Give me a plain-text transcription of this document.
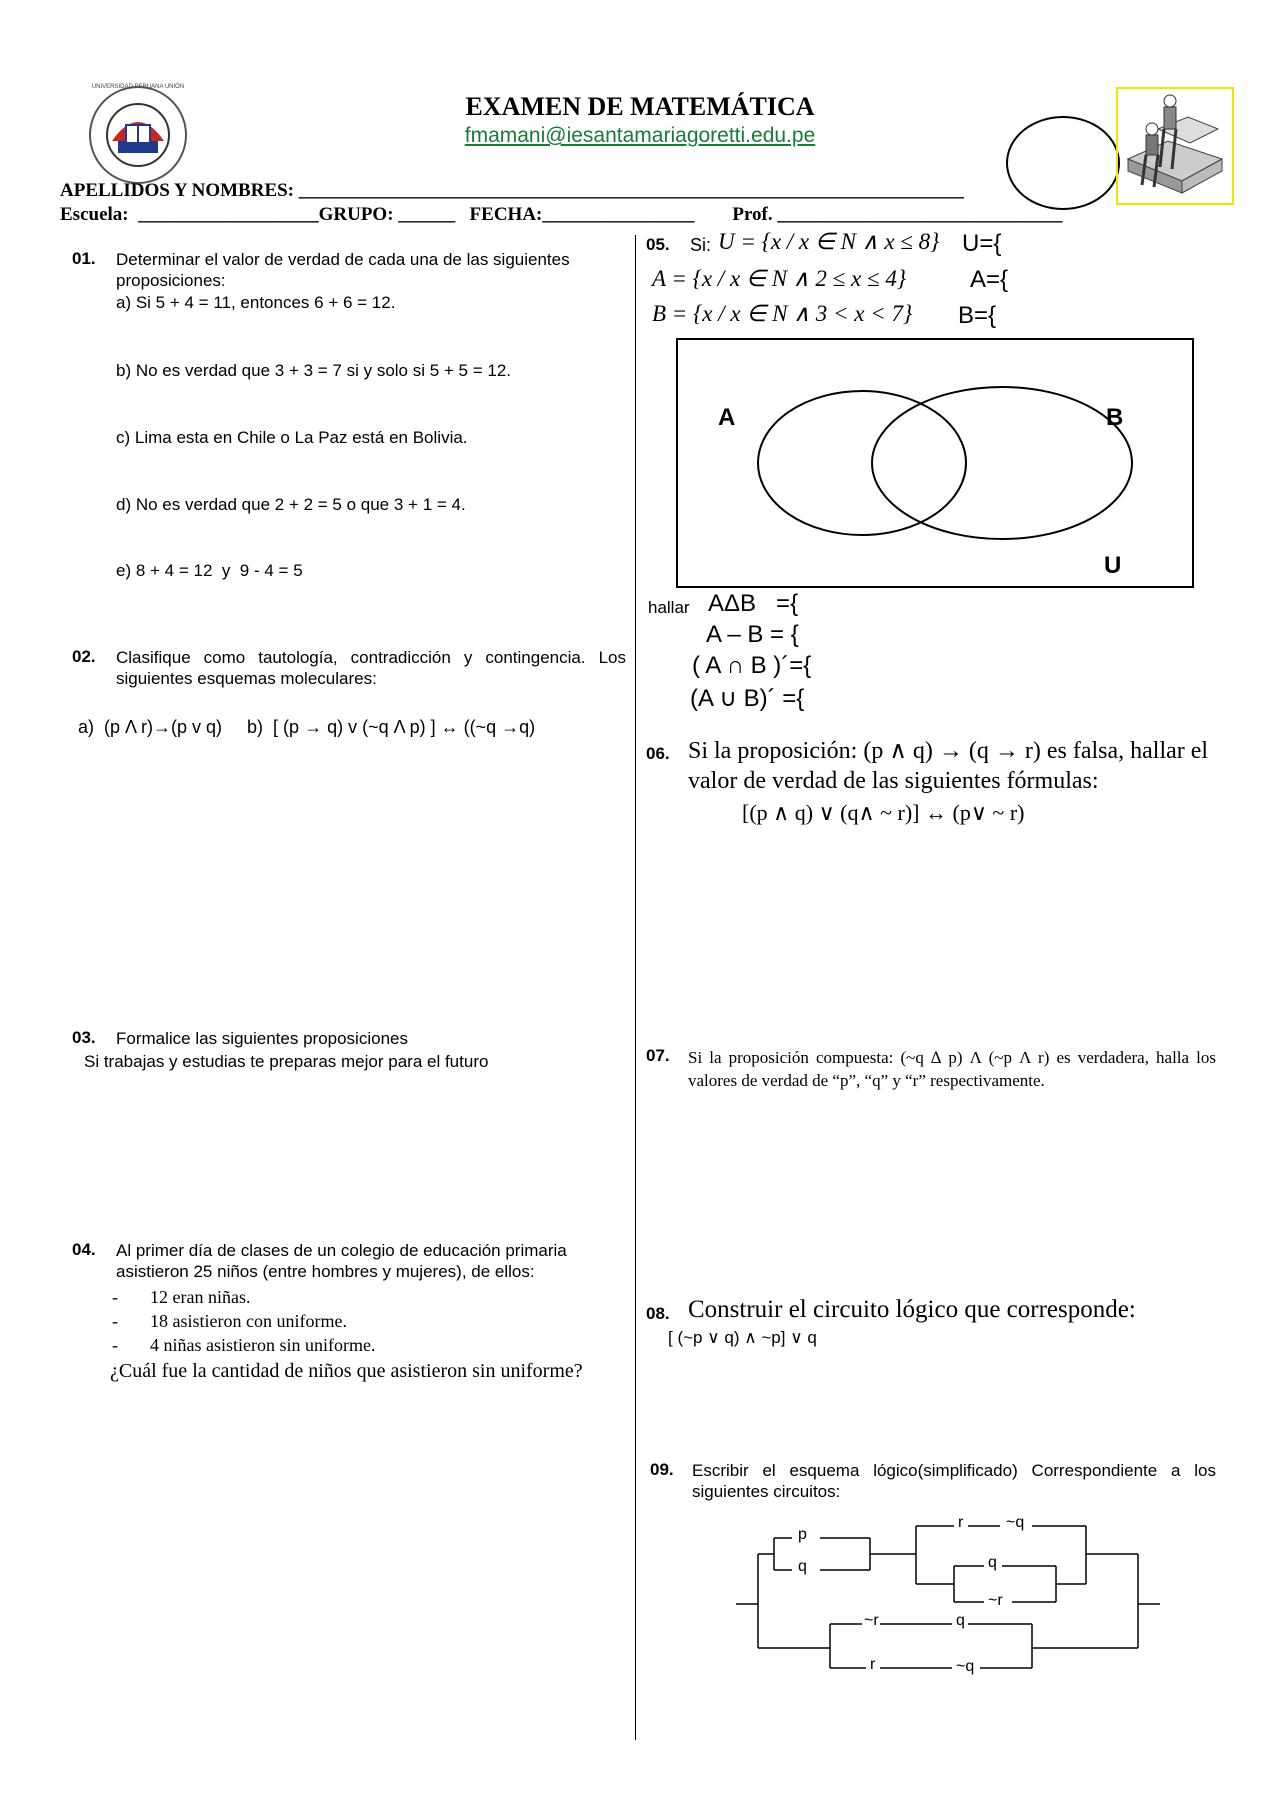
UNIVERSIDAD PERUANA UNIÓN
EXAMEN DE MATEMÁTICA
fmamani@iesantamariagoretti.edu.pe
APELLIDOS Y NOMBRES: ______________________________________________________________________
Escuela:  ___________________GRUPO: ______   FECHA:________________        Prof. ______________________________
01. Determinar el valor de verdad de cada una de las siguientes proposiciones:
a) Si 5 + 4 = 11, entonces 6 + 6 = 12.
b) No es verdad que 3 + 3 = 7 si y solo si 5 + 5 = 12.
c) Lima esta en Chile o La Paz está en Bolivia.
d) No es verdad que 2 + 2 = 5 o que 3 + 1 = 4.
e) 8 + 4 = 12  y  9 - 4 = 5
02. Clasifique como tautología, contradicción y contingencia. Los siguientes esquemas moleculares:
a)  (p Λ r)→(p v q)     b)  [ (p → q) v (~q Λ p) ] ↔ ((~q →q)
03. Formalice las siguientes proposiciones
Si trabajas y estudias te preparas mejor para el futuro
04. Al primer día de clases de un colegio de educación primaria asistieron 25 niños (entre hombres y mujeres), de ellos:
- 12 eran niñas.
- 18 asistieron con uniforme.
- 4 niñas asistieron sin uniforme.
¿Cuál fue la cantidad de niños que asistieron sin uniforme?
05. Si: U = {x / x ∈ N ∧ x ≤ 8} U={
A = {x / x ∈ N ∧ 2 ≤ x ≤ 4}	A={
B = {x / x ∈ N ∧ 3 < x < 7} B={
A	B
U
hallar AΔB   ={
A – B = {
( A ∩ B )´={
(A ∪ B)´ ={
06. Si la proposición: (p ∧ q) → (q → r) es falsa, hallar el valor de verdad de las siguientes fórmulas:
[(p ∧ q) ∨ (q∧ ~ r)] ↔ (p∨ ~ r)
07. Si la proposición compuesta: (~q ∆ p) Λ (~p Λ r) es verdadera, halla los valores de verdad de “p”, “q” y “r” respectivamente.
08. Construir el circuito lógico que corresponde:
[ (~p ∨ q) ∧ ~p] ∨ q
09. Escribir el esquema lógico(simplificado) Correspondiente a los siguientes circuitos:
p
q
r	~q
q
~r
~r	q
r	~q
